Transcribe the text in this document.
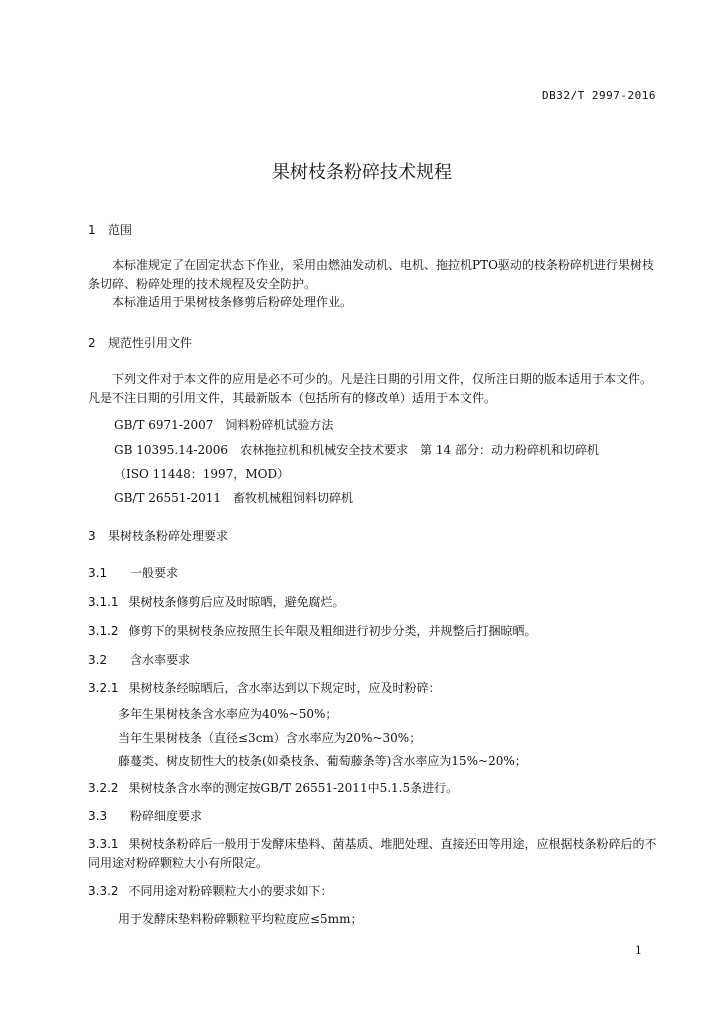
DB32/T 2997-2016
果树枝条粉碎技术规程
1 范围
本标准规定了在固定状态下作业，采用由燃油发动机、电机、拖拉机PTO驱动的枝条粉碎机进行果树枝条切碎、粉碎处理的技术规程及安全防护。
本标准适用于果树枝条修剪后粉碎处理作业。
2 规范性引用文件
下列文件对于本文件的应用是必不可少的。凡是注日期的引用文件，仅所注日期的版本适用于本文件。凡是不注日期的引用文件，其最新版本（包括所有的修改单）适用于本文件。
GB/T 6971-2007　饲料粉碎机试验方法
GB 10395.14-2006　农林拖拉机和机械安全技术要求　第 14 部分：动力粉碎机和切碎机
（ISO 11448：1997，MOD）
GB/T 26551-2011　畜牧机械粗饲料切碎机
3 果树枝条粉碎处理要求
3.1 一般要求
3.1.1 果树枝条修剪后应及时晾晒，避免腐烂。
3.1.2 修剪下的果树枝条应按照生长年限及粗细进行初步分类，并规整后打捆晾晒。
3.2 含水率要求
3.2.1 果树枝条经晾晒后，含水率达到以下规定时，应及时粉碎：
多年生果树枝条含水率应为40%~50%；
当年生果树枝条（直径≤3cm）含水率应为20%~30%；
藤蔓类、树皮韧性大的枝条(如桑枝条、葡萄藤条等)含水率应为15%~20%；
3.2.2 果树枝条含水率的测定按GB/T 26551-2011中5.1.5条进行。
3.3 粉碎细度要求
3.3.1 果树枝条粉碎后一般用于发酵床垫料、菌基质、堆肥处理、直接还田等用途，应根据枝条粉碎后的不同用途对粉碎颗粒大小有所限定。
3.3.2 不同用途对粉碎颗粒大小的要求如下：
用于发酵床垫料粉碎颗粒平均粒度应≤5mm；
1
